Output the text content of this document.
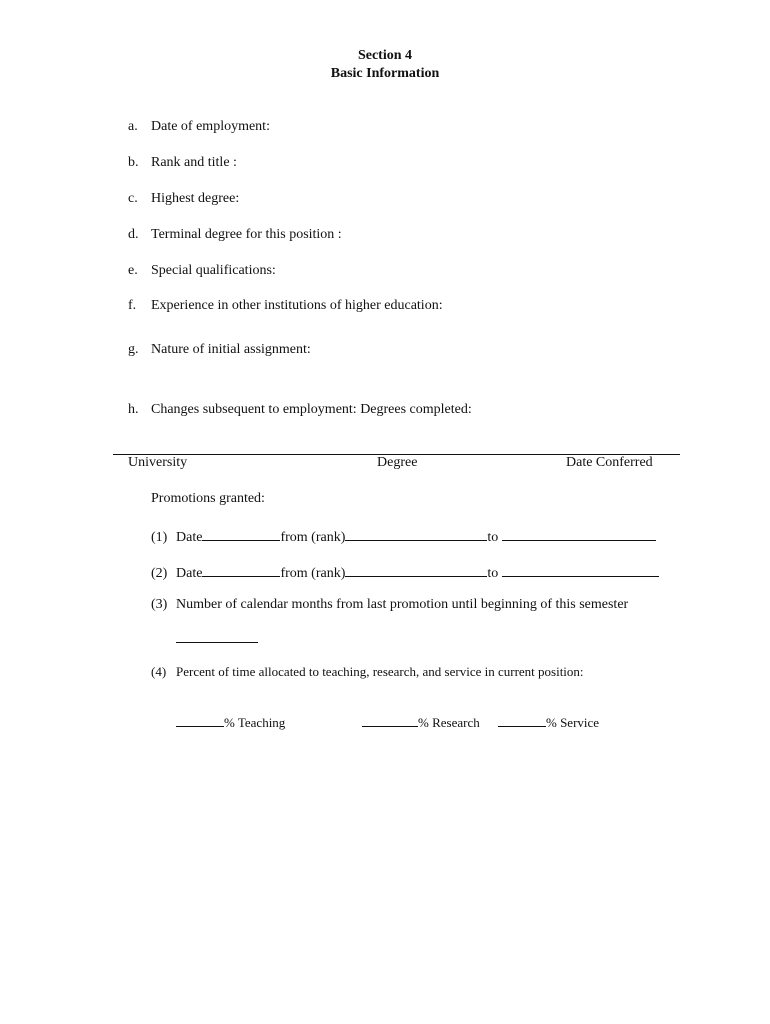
Section 4
Basic Information
a. Date of employment:
b. Rank and title :
c. Highest degree:
d. Terminal degree for this position :
e. Special qualifications:
f. Experience in other institutions of higher education:
g. Nature of initial assignment:
h. Changes subsequent to employment: Degrees completed:
University	Degree	Date Conferred
Promotions granted:
(1) Date	from (rank)	to
(2) Date	from (rank)	to
(3) Number of calendar months from last promotion until beginning of this semester
(4) Percent of time allocated to teaching, research, and service in current position:
% Teaching	% Research	% Service
